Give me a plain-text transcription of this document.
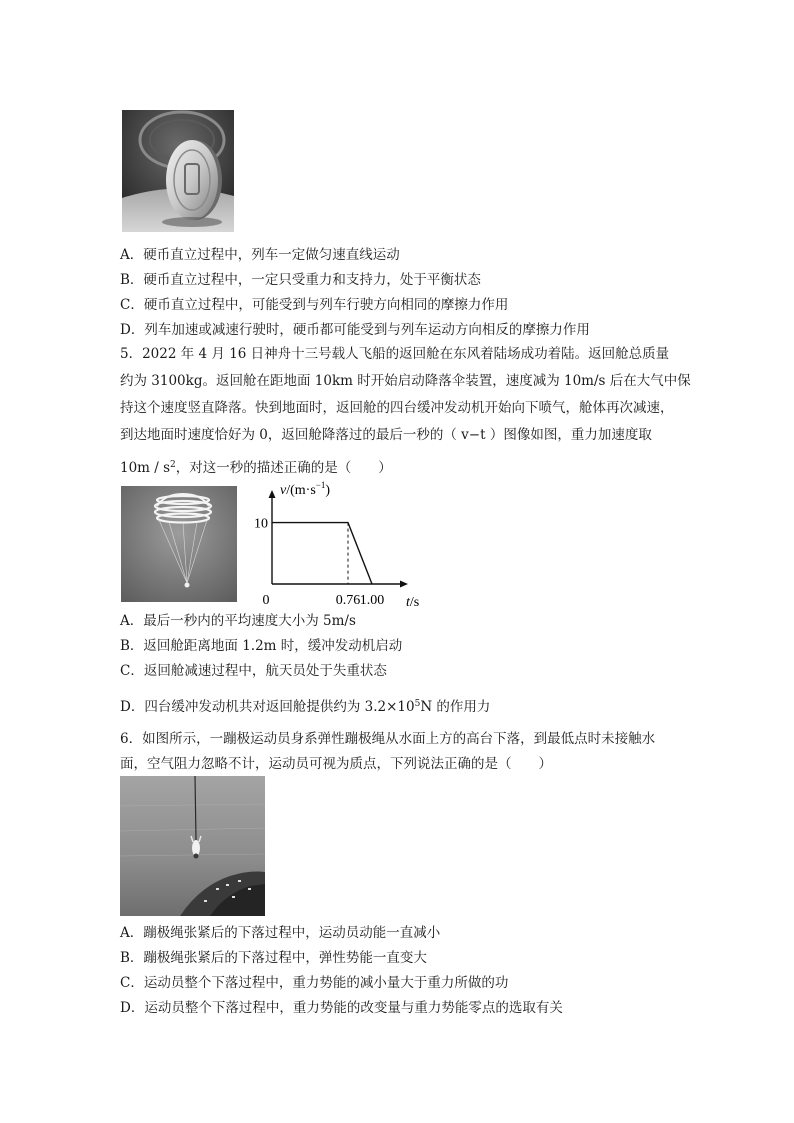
A．硬币直立过程中，列车一定做匀速直线运动
B．硬币直立过程中，一定只受重力和支持力，处于平衡状态
C．硬币直立过程中，可能受到与列车行驶方向相同的摩擦力作用
D．列车加速或减速行驶时，硬币都可能受到与列车运动方向相反的摩擦力作用
5．2022 年 4 月 16 日神舟十三号载人飞船的返回舱在东风着陆场成功着陆。返回舱总质量
约为 3100kg。返回舱在距地面 10km 时开始启动降落伞装置，速度减为 10m/s 后在大气中保
持这个速度竖直降落。快到地面时，返回舱的四台缓冲发动机开始向下喷气，舱体再次减速，
到达地面时速度恰好为 0，返回舱降落过的最后一秒的（ v−t ）图像如图，重力加速度取
$10m / s^2$，对这一秒的描述正确的是（　　）
10
0.76 1.00
0
$v/(m\cdot s^{-1})$
t/s
A．最后一秒内的平均速度大小为 5m/s
B．返回舱距离地面 1.2m 时，缓冲发动机启动
C．返回舱减速过程中，航天员处于失重状态
D．四台缓冲发动机共对返回舱提供约为 $3.2\times 10^5N$ 的作用力
6．如图所示，一蹦极运动员身系弹性蹦极绳从水面上方的高台下落，到最低点时未接触水
面，空气阻力忽略不计，运动员可视为质点，下列说法正确的是（　　）
A．蹦极绳张紧后的下落过程中，运动员动能一直减小
B．蹦极绳张紧后的下落过程中，弹性势能一直变大
C．运动员整个下落过程中，重力势能的减小量大于重力所做的功
D．运动员整个下落过程中，重力势能的改变量与重力势能零点的选取有关
